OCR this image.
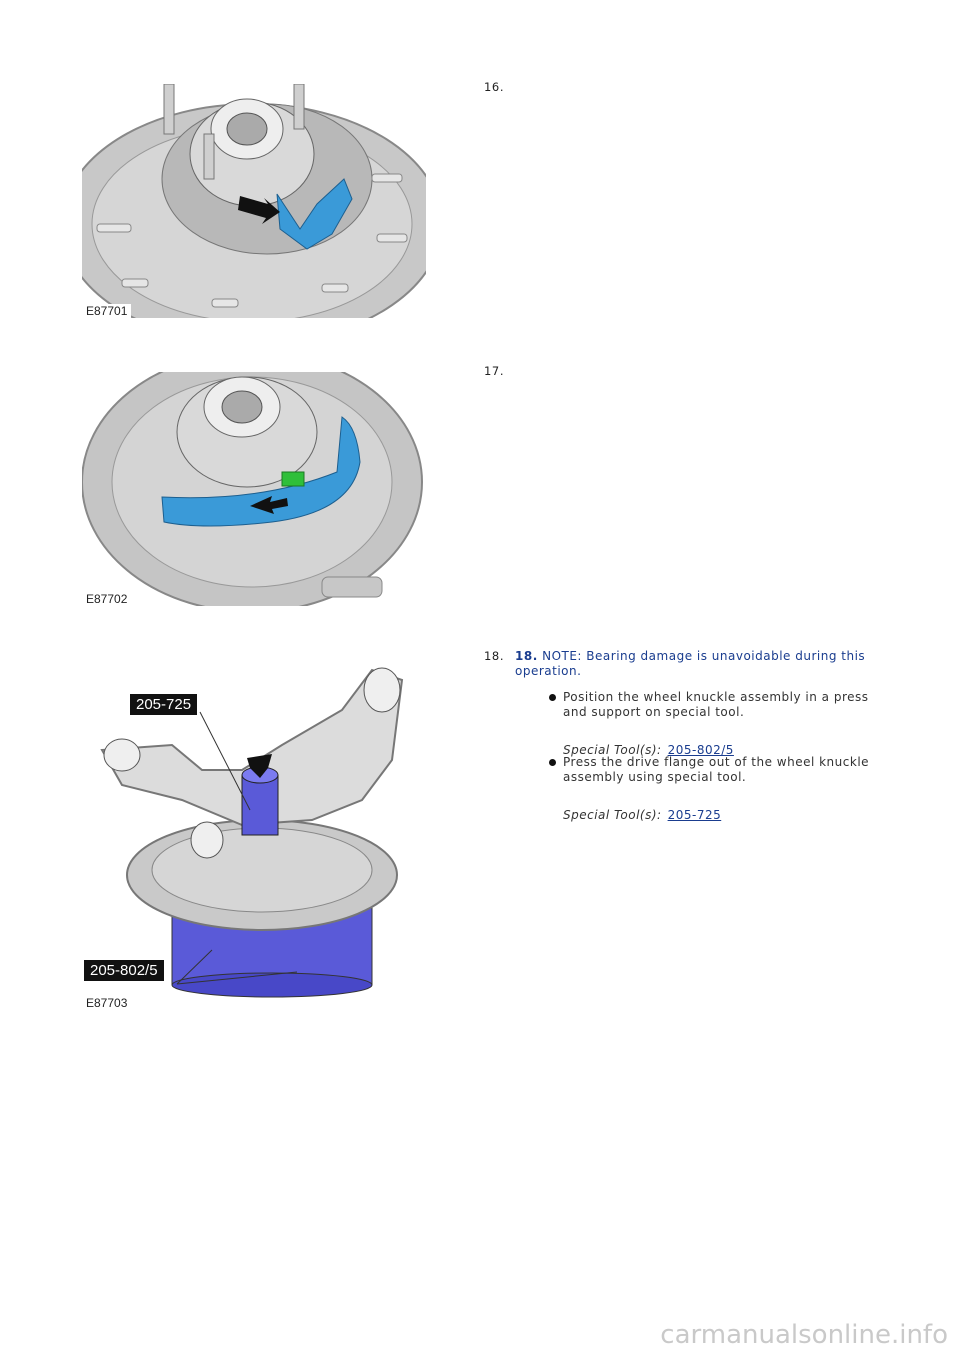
E87701
16.
E87702
17.
205-725
205-802/5
E87703
18. 18. NOTE: Bearing damage is unavoidable during this
operation.
Position the wheel knuckle assembly in a press
and support on special tool.
Special Tool(s): 205-802/5
Press the drive flange out of the wheel knuckle
assembly using special tool.
Special Tool(s): 205-725
carmanualsonline.info
